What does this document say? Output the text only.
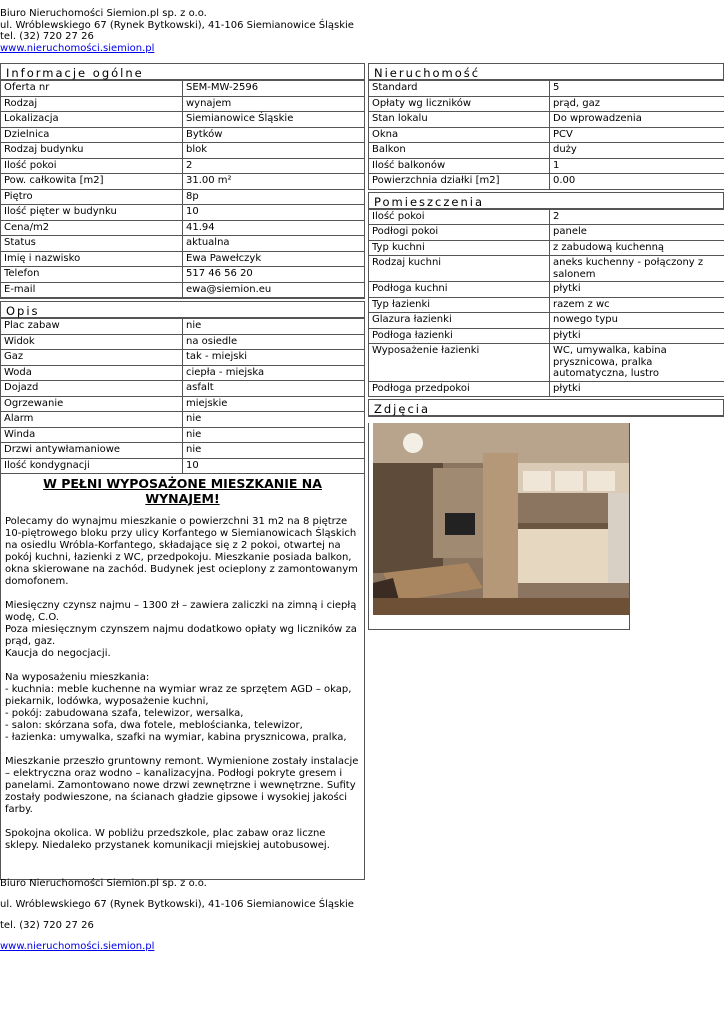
Biuro Nieruchomości Siemion.pl sp. z o.o.
ul. Wróblewskiego 67 (Rynek Bytkowski), 41-106 Siemianowice Śląskie
tel. (32) 720 27 26
www.nieruchomości.siemion.pl
Informacje ogólne
Oferta nr	SEM-MW-2596
Rodzaj	wynajem
Lokalizacja	Siemianowice Śląskie
Dzielnica	Bytków
Rodzaj budynku	blok
Ilość pokoi	2
Pow. całkowita [m2]	31.00 m²
Piętro	8p
Ilość pięter w budynku	10
Cena/m2	41.94
Status	aktualna
Imię i nazwisko	Ewa Pawełczyk
Telefon	517 46 56 20
E-mail	ewa@siemion.eu
Opis
Plac zabaw	nie
Widok	na osiedle
Gaz	tak - miejski
Woda	ciepła - miejska
Dojazd	asfalt
Ogrzewanie	miejskie
Alarm	nie
Winda	nie
Drzwi antywłamaniowe	nie
Ilość kondygnacji	10
W PEŁNI WYPOSAŻONE MIESZKANIE NA WYNAJEM!
Polecamy do wynajmu mieszkanie o powierzchni 31 m2 na 8 piętrze 10-piętrowego bloku przy ulicy Korfantego w Siemianowicach Śląskich na osiedlu Wróbla-Korfantego, składające się z 2 pokoi, otwartej na pokój kuchni, łazienki z WC, przedpokoju. Mieszkanie posiada balkon, okna skierowane na zachód. Budynek jest ocieplony z zamontowanym domofonem.

Miesięczny czynsz najmu – 1300 zł – zawiera zaliczki na zimną i ciepłą wodę, C.O.
Poza miesięcznym czynszem najmu dodatkowo opłaty wg liczników za prąd, gaz.
Kaucja do negocjacji.

Na wyposażeniu mieszkania:
- kuchnia: meble kuchenne na wymiar wraz ze sprzętem AGD – okap, piekarnik, lodówka, wyposażenie kuchni,
- pokój: zabudowana szafa, telewizor, wersalka,
- salon: skórzana sofa, dwa fotele, meblościanka, telewizor,
- łazienka: umywalka, szafki na wymiar, kabina prysznicowa, pralka,

Mieszkanie przeszło gruntowny remont. Wymienione zostały instalacje – elektryczna oraz wodno – kanalizacyjna. Podłogi pokryte gresem i panelami. Zamontowano nowe drzwi zewnętrzne i wewnętrzne. Sufity zostały podwieszone, na ścianach gładzie gipsowe i wysokiej jakości farby.

Spokojna okolica. W pobliżu przedszkole, plac zabaw oraz liczne sklepy. Niedaleko przystanek komunikacji miejskiej autobusowej.
Nieruchomość
Standard	5
Opłaty wg liczników	prąd, gaz
Stan lokalu	Do wprowadzenia
Okna	PCV
Balkon	duży
Ilość balkonów	1
Powierzchnia działki [m2]	0.00
Pomieszczenia
Ilość pokoi	2
Podłogi pokoi	panele
Typ kuchni	z zabudową kuchenną
Rodzaj kuchni	aneks kuchenny - połączony z salonem
Podłoga kuchni	płytki
Typ łazienki	razem z wc
Glazura łazienki	nowego typu
Podłoga łazienki	płytki
Wyposażenie łazienki	WC, umywalka, kabina prysznicowa, pralka automatyczna, lustro
Podłoga przedpokoi	płytki
Zdjęcia
Biuro Nieruchomości Siemion.pl sp. z o.o.
ul. Wróblewskiego 67 (Rynek Bytkowski), 41-106 Siemianowice Śląskie
tel. (32) 720 27 26
www.nieruchomości.siemion.pl
